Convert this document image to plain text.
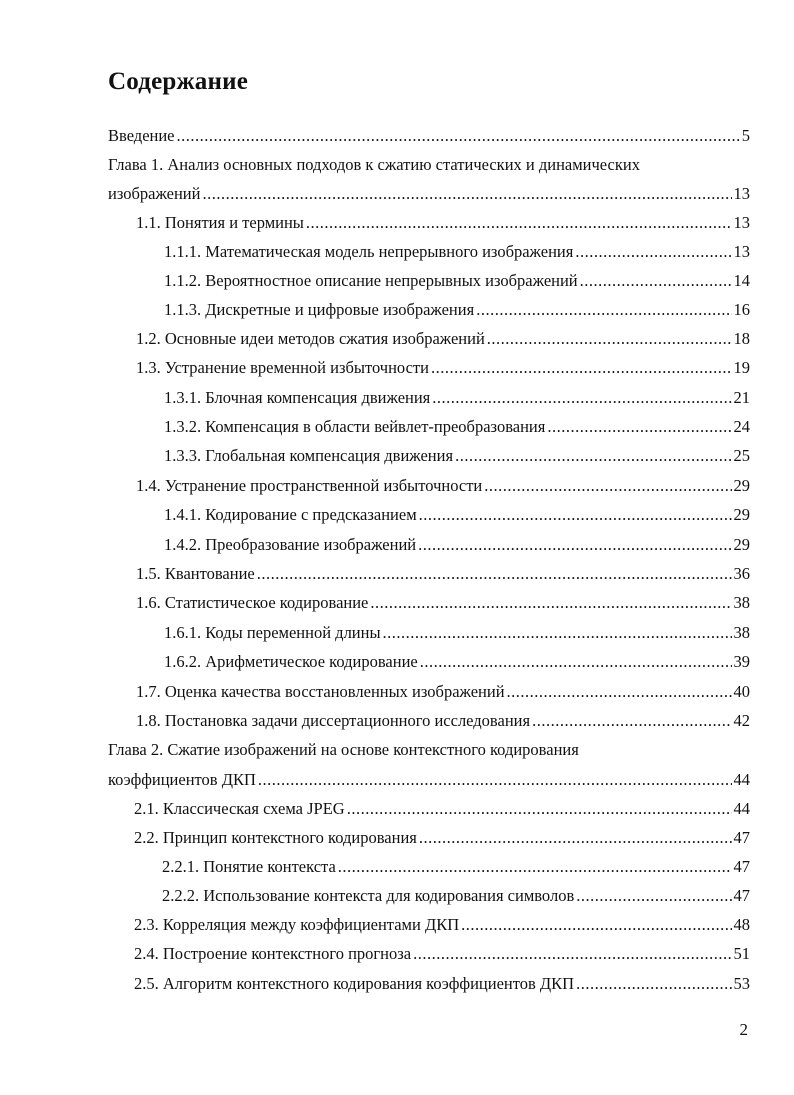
Содержание
Введение .....	5
Глава 1. Анализ основных подходов к сжатию статических и динамических
изображений .....	13
1.1. Понятия и термины .....	13
1.1.1. Математическая модель непрерывного изображения .....	13
1.1.2. Вероятностное описание непрерывных изображений .....	14
1.1.3. Дискретные и цифровые изображения .....	16
1.2. Основные идеи методов сжатия изображений .....	18
1.3. Устранение временной избыточности .....	19
1.3.1. Блочная компенсация движения .....	21
1.3.2. Компенсация в области вейвлет-преобразования .....	24
1.3.3. Глобальная компенсация движения .....	25
1.4. Устранение пространственной избыточности .....	29
1.4.1. Кодирование с предсказанием .....	29
1.4.2. Преобразование изображений .....	29
1.5. Квантование .....	36
1.6. Статистическое кодирование .....	38
1.6.1. Коды переменной длины .....	38
1.6.2. Арифметическое кодирование .....	39
1.7. Оценка качества восстановленных изображений .....	40
1.8. Постановка задачи диссертационного исследования .....	42
Глава 2. Сжатие изображений на основе контекстного кодирования
коэффициентов ДКП .....	44
2.1. Классическая схема JPEG .....	44
2.2. Принцип контекстного кодирования .....	47
2.2.1. Понятие контекста .....	47
2.2.2. Использование контекста для кодирования символов .....	47
2.3. Корреляция между коэффициентами ДКП .....	48
2.4. Построение контекстного прогноза .....	51
2.5. Алгоритм контекстного кодирования коэффициентов ДКП .....	53
2
